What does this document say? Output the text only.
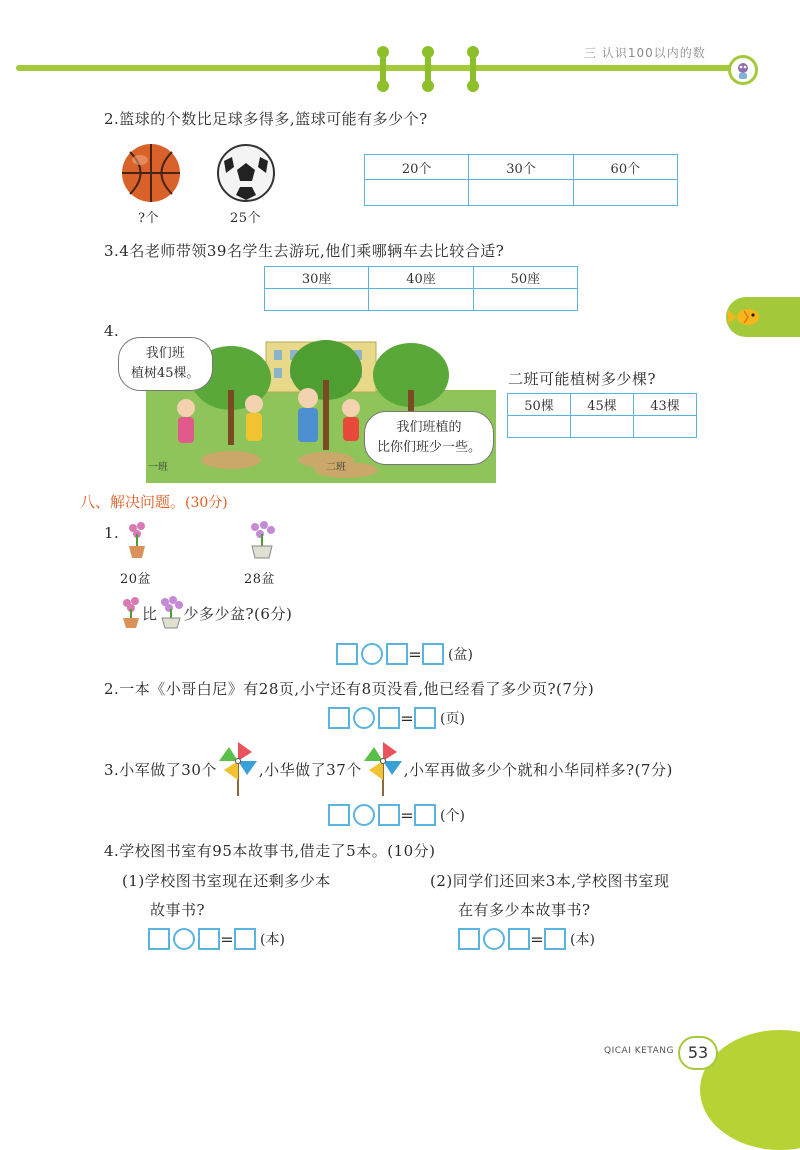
三 认识100以内的数
2.篮球的个数比足球多得多,篮球可能有多少个?
?个	25个
20个	30个	60个

3.4名老师带领39名学生去游玩,他们乘哪辆车去比较合适?
30座	40座	50座

4.
一班	二班
我们班
植树45棵。
我们班植的
比你们班少一些。
二班可能植树多少棵?
50棵	45棵	43棵

八、解决问题。(30分)
1.
20盆	28盆
比 少多少盆?(6分)
= (盆)
2.一本《小哥白尼》有28页,小宁还有8页没看,他已经看了多少页?(7分)
= (页)
3.小军做了30个	,小华做了37个	,小军再做多少个就和小华同样多?(7分)
= (个)
4.学校图书室有95本故事书,借走了5本。(10分)
(1)学校图书室现在还剩多少本
故事书?
(2)同学们还回来3本,学校图书室现
在有多少本故事书?
= (本)	= (本)
QICAI KETANG 53
